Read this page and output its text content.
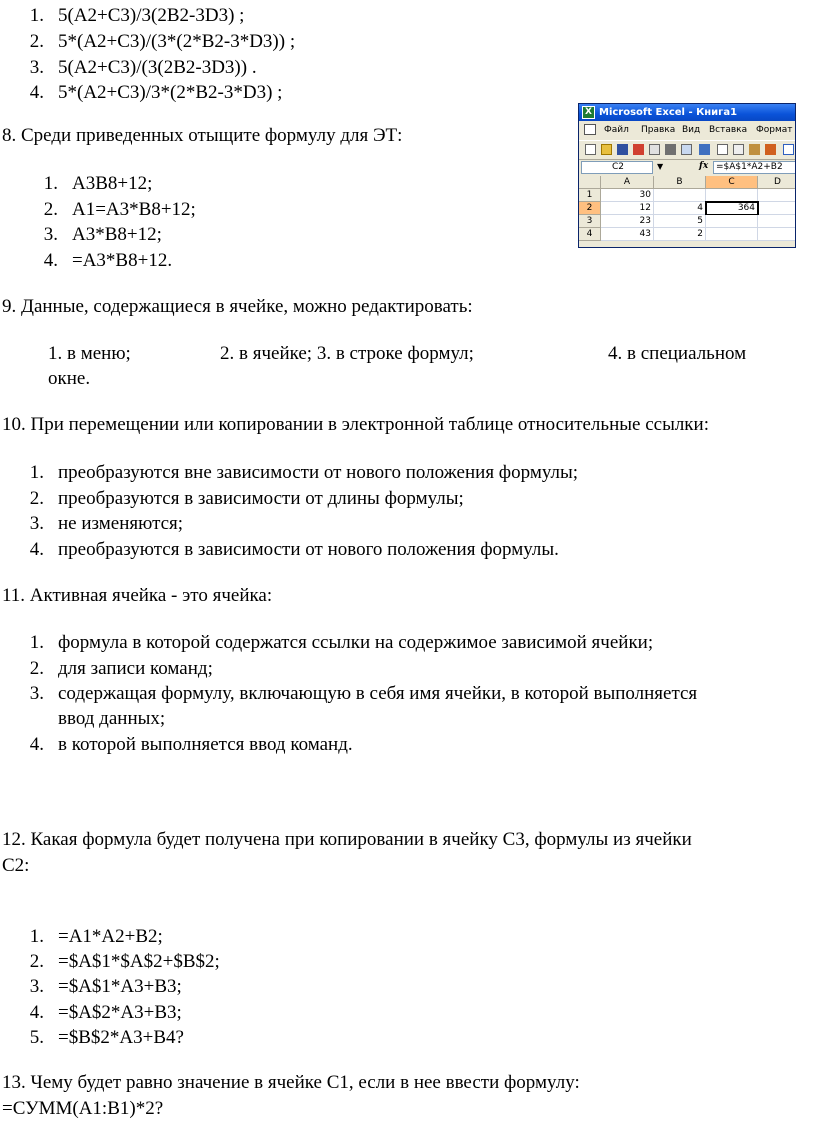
1. 5(А2+С3)/3(2В2-3D3) ;
2. 5*(А2+С3)/(3*(2*В2-3*D3)) ;
3. 5(А2+С3)/(3(2В2-3D3)) .
4. 5*(А2+С3)/3*(2*В2-3*D3) ;
8. Среди приведенных отыщите формулу для ЭТ:
1. A3B8+12;
2. А1=A3*B8+12;
3. A3*B8+12;
4. =A3*B8+12.
X Microsoft Excel - Книга1
Файл Правка Вид Вставка Формат
C2	▼	fx =$A$1*A2+B2
A	B	C	D
1	30
2	12	4	364
3	23	5
4	43	2
9. Данные, содержащиеся в ячейке, можно редактировать:
1. в меню;	2. в ячейке; 3. в строке формул;	4. в специальном
окне.
10. При перемещении или копировании в электронной таблице относительные ссылки:
1. преобразуются вне зависимости от нового положения формулы;
2. преобразуются в зависимости от длины формулы;
3. не изменяются;
4. преобразуются в зависимости от нового положения формулы.
11. Активная ячейка - это ячейка:
1. формула в которой содержатся ссылки на содержимое зависимой ячейки;
2. для записи команд;
3. содержащая формулу, включающую в себя имя ячейки, в которой выполняется
ввод данных;
4. в которой выполняется ввод команд.
12. Какая формула будет получена при копировании в ячейку С3, формулы из ячейки
С2:
1. =A1*A2+B2;
2. =$A$1*$A$2+$B$2;
3. =$A$1*A3+B3;
4. =$A$2*A3+B3;
5. =$B$2*A3+B4?
13. Чему будет равно значение в ячейке С1, если в нее ввести формулу:
=СУММ(A1:B1)*2?
